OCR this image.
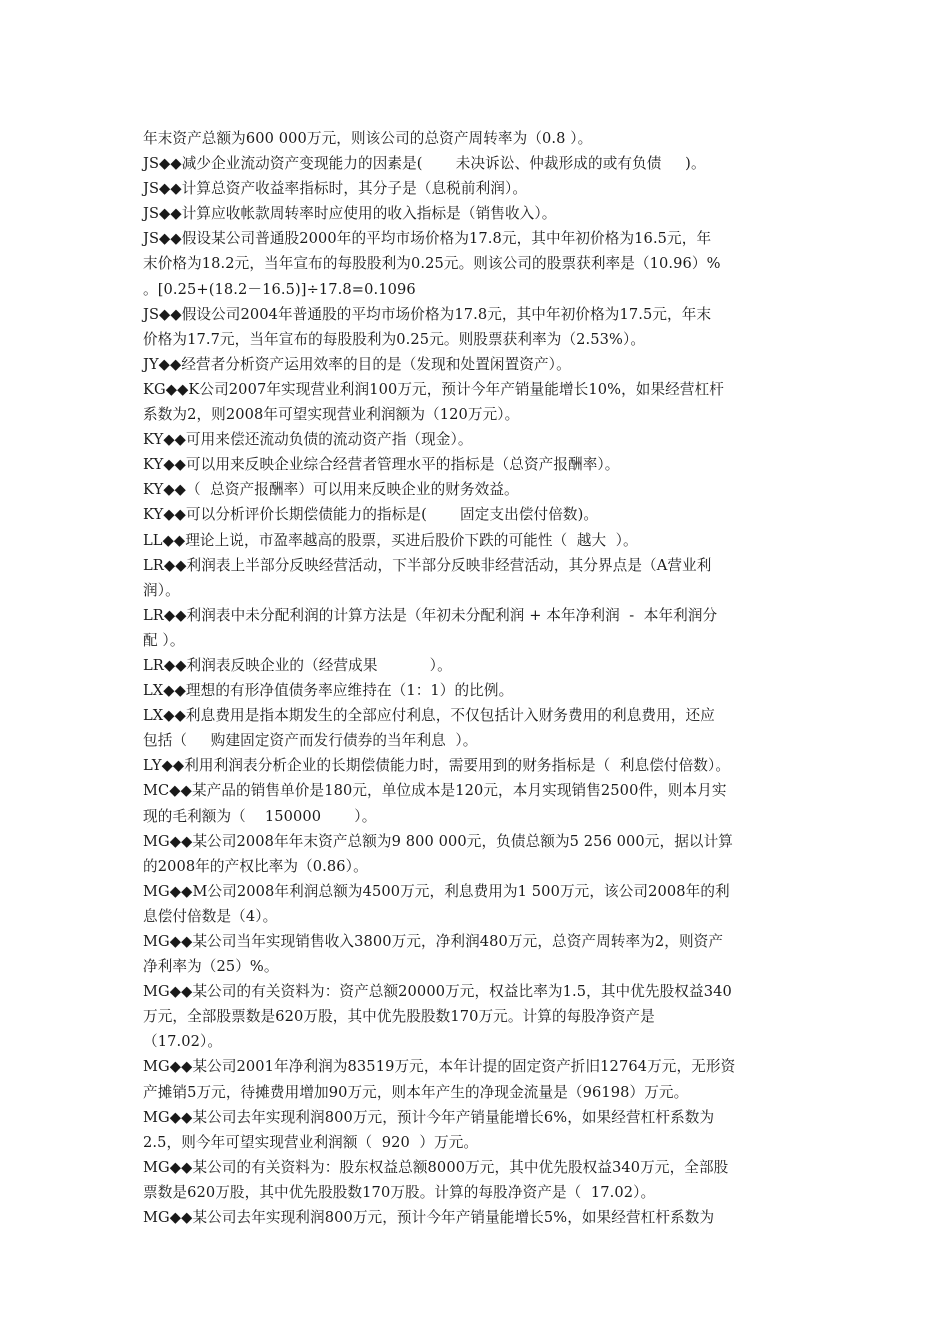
年末资产总额为600 000万元，则该公司的总资产周转率为（0.8 ）。
JS◆◆减少企业流动资产变现能力的因素是(       未决诉讼、仲裁形成的或有负债     )。
JS◆◆计算总资产收益率指标时，其分子是（息税前利润）。
JS◆◆计算应收帐款周转率时应使用的收入指标是（销售收入）。
JS◆◆假设某公司普通股2000年的平均市场价格为17.8元，其中年初价格为16.5元，年
末价格为18.2元，当年宣布的每股股利为0.25元。则该公司的股票获利率是（10.96）%
。[0.25+(18.2－16.5)]÷17.8=0.1096
JS◆◆假设公司2004年普通股的平均市场价格为17.8元，其中年初价格为17.5元，年末
价格为17.7元，当年宣布的每股股利为0.25元。则股票获利率为（2.53%）。
JY◆◆经营者分析资产运用效率的目的是（发现和处置闲置资产）。
KG◆◆K公司2007年实现营业利润100万元，预计今年产销量能增长10%，如果经营杠杆
系数为2，则2008年可望实现营业利润额为（120万元）。
KY◆◆可用来偿还流动负债的流动资产指（现金）。
KY◆◆可以用来反映企业综合经营者管理水平的指标是（总资产报酬率）。
KY◆◆（  总资产报酬率）可以用来反映企业的财务效益。
KY◆◆可以分析评价长期偿债能力的指标是(       固定支出偿付倍数)。
LL◆◆理论上说，市盈率越高的股票，买进后股价下跌的可能性（  越大  ）。
LR◆◆利润表上半部分反映经营活动，下半部分反映非经营活动，其分界点是（A营业利
润）。
LR◆◆利润表中未分配利润的计算方法是（年初未分配利润 + 本年净利润  -  本年利润分
配 ）。
LR◆◆利润表反映企业的（经营成果           ）。
LX◆◆理想的有形净值债务率应维持在（1：1）的比例。
LX◆◆利息费用是指本期发生的全部应付利息，不仅包括计入财务费用的利息费用，还应
包括（     购建固定资产而发行债券的当年利息  ）。
LY◆◆利用利润表分析企业的长期偿债能力时，需要用到的财务指标是（  利息偿付倍数）。
MC◆◆某产品的销售单价是180元，单位成本是120元，本月实现销售2500件，则本月实
现的毛利额为（    150000       ）。
MG◆◆某公司2008年年末资产总额为9 800 000元，负债总额为5 256 000元，据以计算
的2008年的产权比率为（0.86）。
MG◆◆M公司2008年利润总额为4500万元，利息费用为1 500万元，该公司2008年的利
息偿付倍数是（4）。
MG◆◆某公司当年实现销售收入3800万元，净利润480万元，总资产周转率为2，则资产
净利率为（25）%。
MG◆◆某公司的有关资料为：资产总额20000万元，权益比率为1.5，其中优先股权益340
万元，全部股票数是620万股，其中优先股股数170万元。计算的每股净资产是
（17.02）。
MG◆◆某公司2001年净利润为83519万元，本年计提的固定资产折旧12764万元，无形资
产摊销5万元，待摊费用增加90万元，则本年产生的净现金流量是（96198）万元。
MG◆◆某公司去年实现利润800万元，预计今年产销量能增长6%，如果经营杠杆系数为
2.5，则今年可望实现营业利润额（  920  ）万元。
MG◆◆某公司的有关资料为：股东权益总额8000万元，其中优先股权益340万元，全部股
票数是620万股，其中优先股股数170万股。计算的每股净资产是（  17.02）。
MG◆◆某公司去年实现利润800万元，预计今年产销量能增长5%，如果经营杠杆系数为
